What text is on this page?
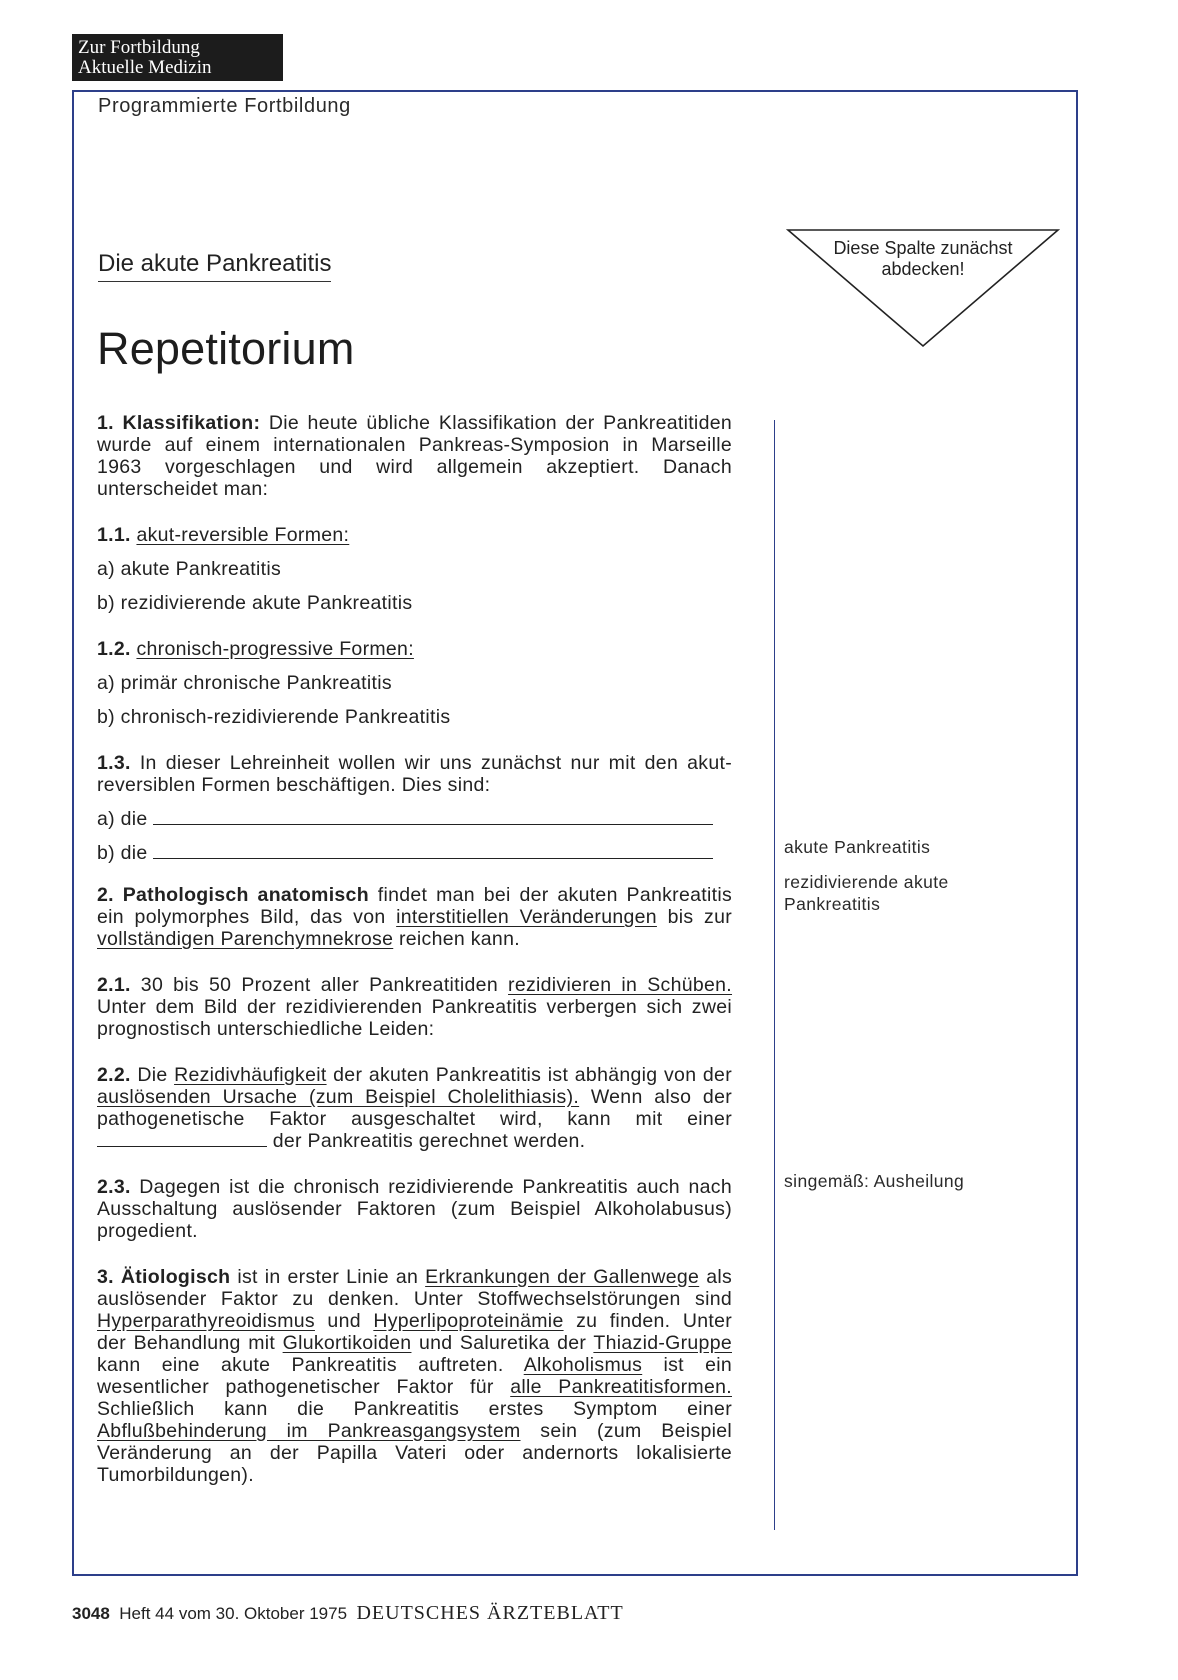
Zur Fortbildung
Aktuelle Medizin
Programmierte Fortbildung
Die akute Pankreatitis
Repetitorium
Diese Spalte zunächst
abdecken!

1. Klassifikation: Die heute übliche Klassifikation der Pankreatitiden wurde auf einem internationalen Pankreas-Symposion in Marseille 1963 vorgeschlagen und wird allgemein akzeptiert. Danach unterscheidet man:

1.1. akut-reversible Formen:

a) akute Pankreatitis

b) rezidivierende akute Pankreatitis

1.2. chronisch-progressive Formen:

a) primär chronische Pankreatitis

b) chronisch-rezidivierende Pankreatitis

1.3. In dieser Lehreinheit wollen wir uns zunächst nur mit den akut-reversiblen Formen beschäftigen. Dies sind:

a) die

b) die

2. Pathologisch anatomisch findet man bei der akuten Pankreatitis ein polymorphes Bild, das von interstitiellen Veränderungen bis zur vollständigen Parenchymnekrose reichen kann.

2.1. 30 bis 50 Prozent aller Pankreatitiden rezidivieren in Schüben. Unter dem Bild der rezidivierenden Pankreatitis verbergen sich zwei prognostisch unterschiedliche Leiden:

2.2. Die Rezidivhäufigkeit der akuten Pankreatitis ist abhängig von der auslösenden Ursache (zum Beispiel Cholelithiasis). Wenn also der pathogenetische Faktor ausgeschaltet wird, kann mit einer  der Pankreatitis gerechnet werden.

2.3. Dagegen ist die chronisch rezidivierende Pankreatitis auch nach Ausschaltung auslösender Faktoren (zum Beispiel Alkoholabusus) progedient.

3. Ätiologisch ist in erster Linie an Erkrankungen der Gallenwege als auslösender Faktor zu denken. Unter Stoffwechselstörungen sind Hyperparathyreoidismus und Hyperlipoproteinämie zu finden. Unter der Behandlung mit Glukortikoiden und Saluretika der Thiazid-Gruppe kann eine akute Pankreatitis auftreten. Alkoholismus ist ein wesentlicher pathogenetischer Faktor für alle Pankreatitisformen. Schließlich kann die Pankreatitis erstes Symptom einer Abflußbehinderung im Pankreasgangsystem sein (zum Beispiel Veränderung an der Papilla Vateri oder andernorts lokalisierte Tumorbildungen).

akute Pankreatitis
rezidivierende akute Pankreatitis
singemäß: Ausheilung
3048 Heft 44 vom 30. Oktober 1975 DEUTSCHES ÄRZTEBLATT
